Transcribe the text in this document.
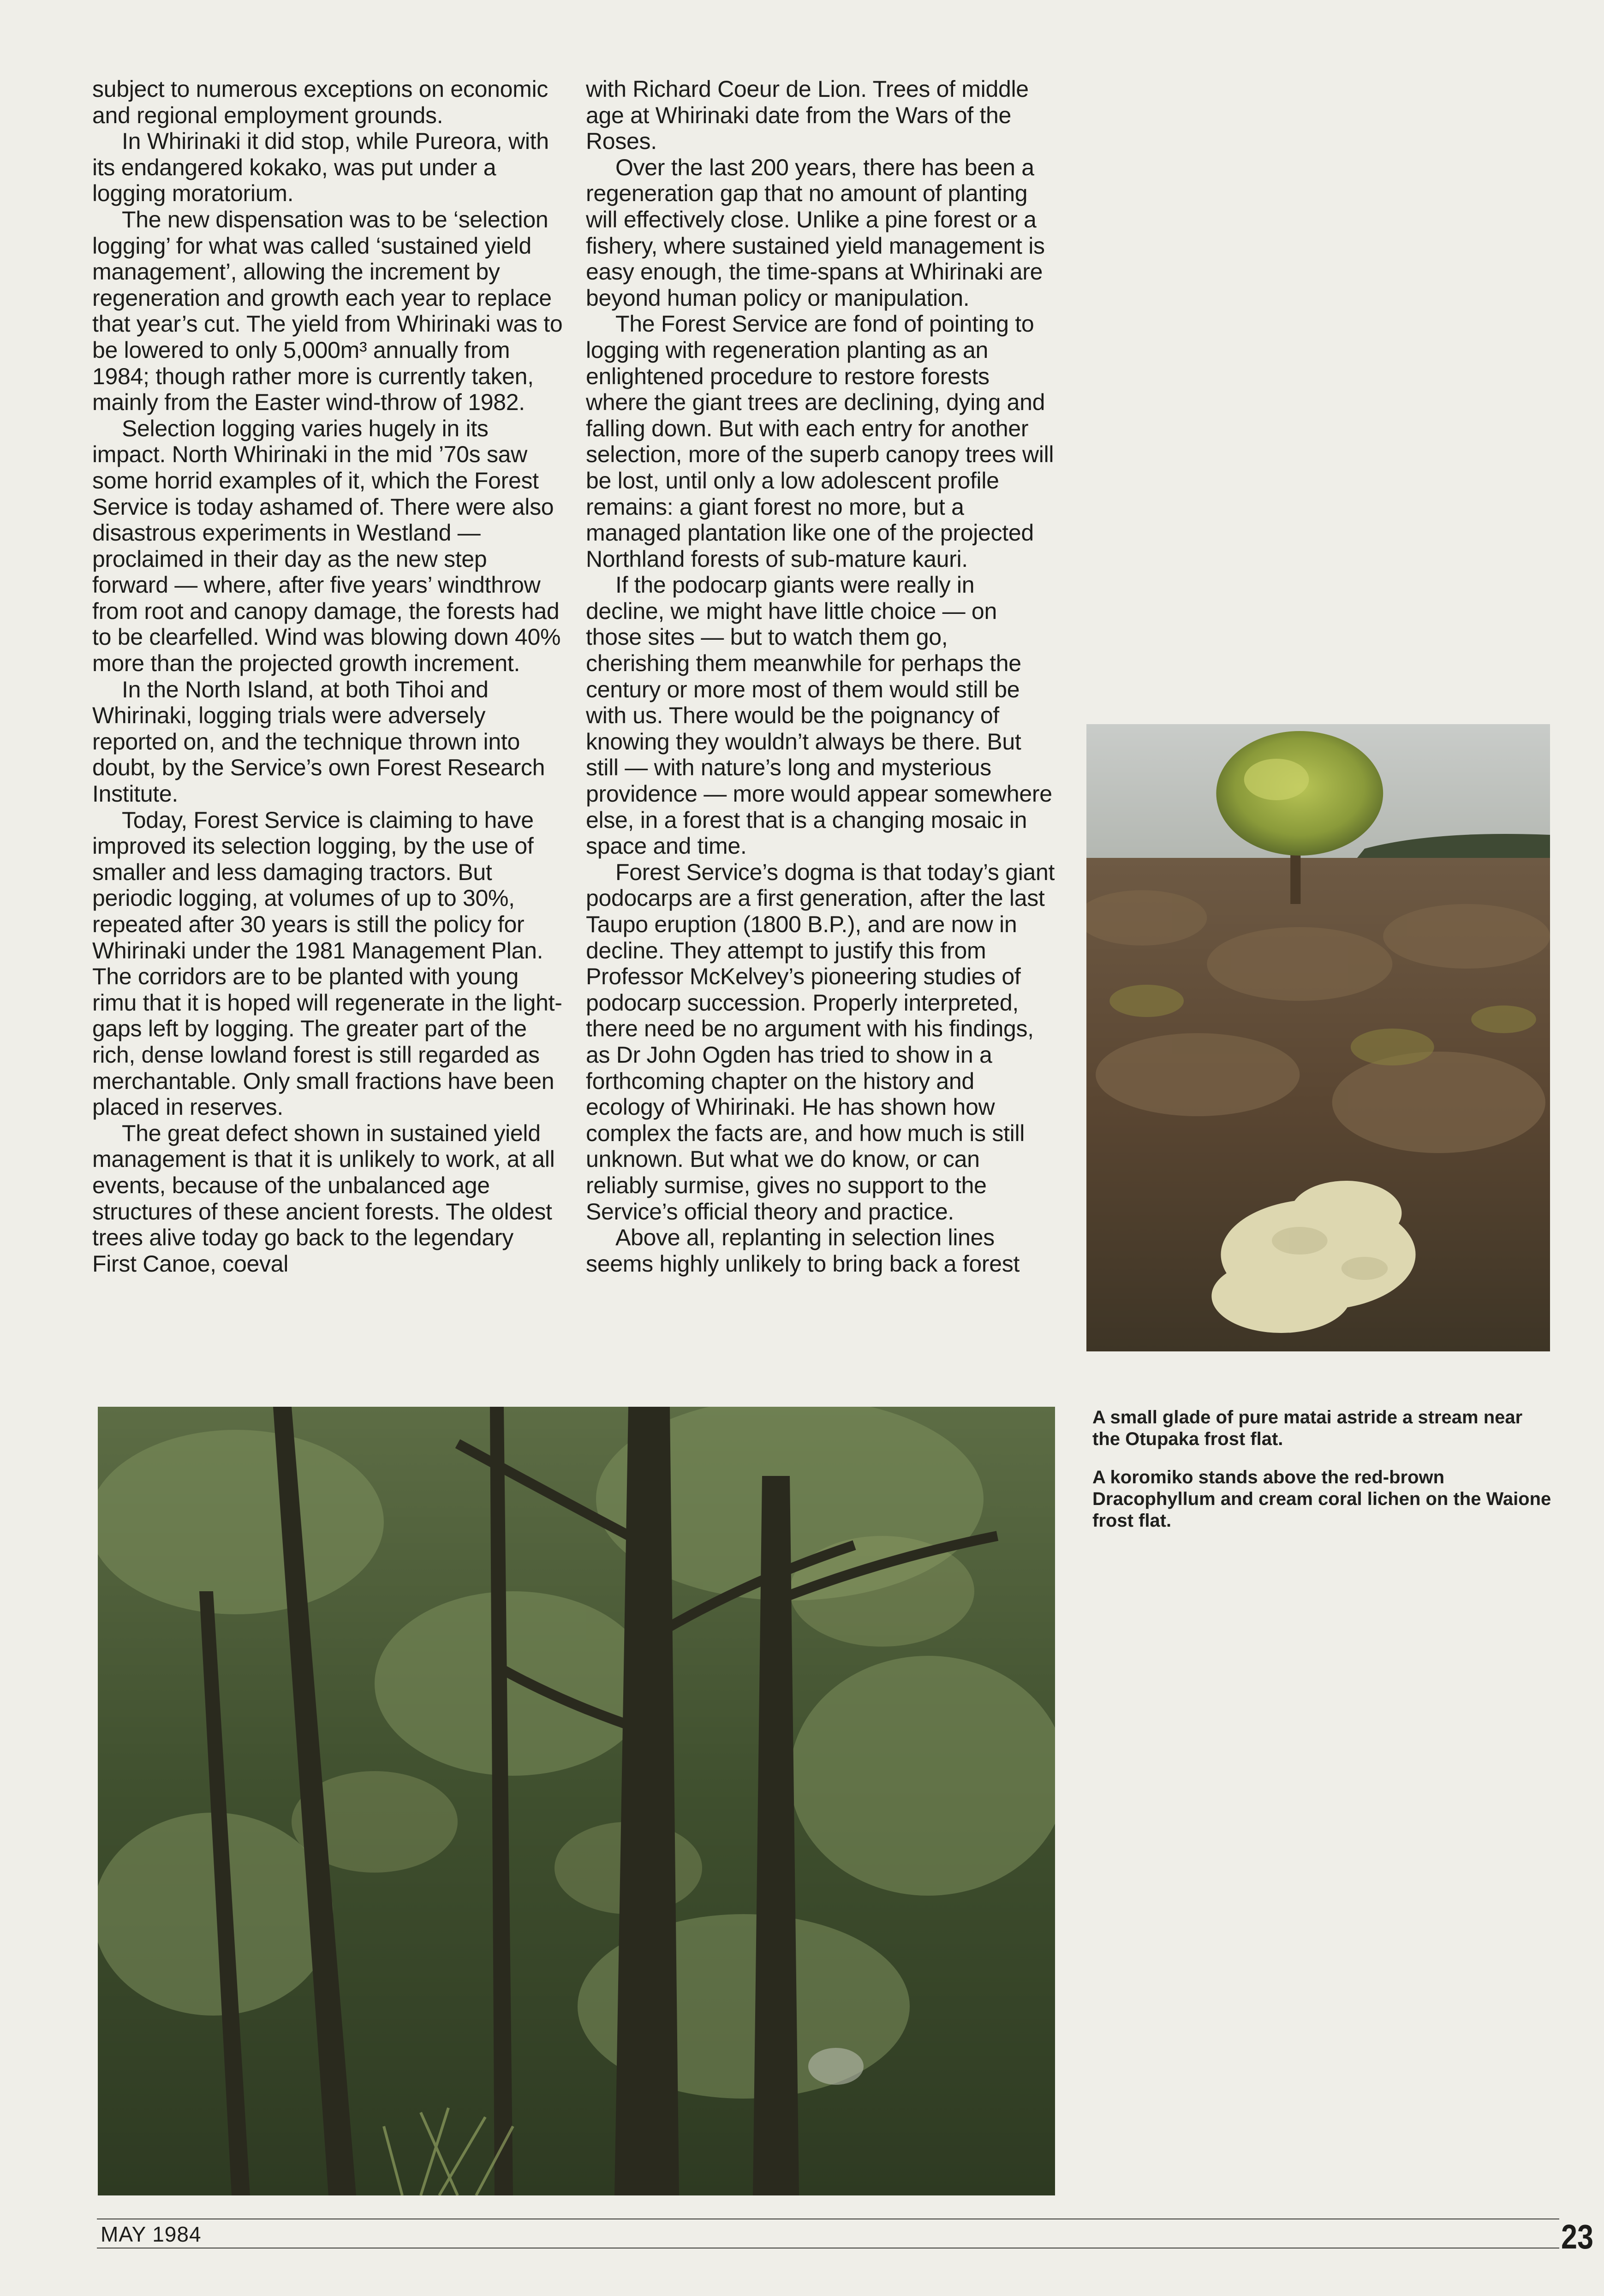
subject to numerous exceptions on economic and regional employment grounds.

In Whirinaki it did stop, while Pureora, with its endangered kokako, was put under a logging moratorium.

The new dispensation was to be ‘selection logging’ for what was called ‘sustained yield management’, allowing the increment by regeneration and growth each year to replace that year’s cut. The yield from Whirinaki was to be lowered to only 5,000m³ annually from 1984; though rather more is currently taken, mainly from the Easter wind-throw of 1982.

Selection logging varies hugely in its impact. North Whirinaki in the mid ’70s saw some horrid examples of it, which the Forest Service is today ashamed of. There were also disastrous experiments in Westland — proclaimed in their day as the new step forward — where, after five years’ windthrow from root and canopy damage, the forests had to be clearfelled. Wind was blowing down 40% more than the projected growth increment.

In the North Island, at both Tihoi and Whirinaki, logging trials were adversely reported on, and the technique thrown into doubt, by the Service’s own Forest Research Institute.

Today, Forest Service is claiming to have improved its selection logging, by the use of smaller and less damaging tractors. But periodic logging, at volumes of up to 30%, repeated after 30 years is still the policy for Whirinaki under the 1981 Management Plan. The corridors are to be planted with young rimu that it is hoped will regenerate in the light-gaps left by logging. The greater part of the rich, dense lowland forest is still regarded as merchantable. Only small fractions have been placed in reserves.

The great defect shown in sustained yield management is that it is unlikely to work, at all events, because of the unbalanced age structures of these ancient forests. The oldest trees alive today go back to the legendary First Canoe, coeval

with Richard Coeur de Lion. Trees of middle age at Whirinaki date from the Wars of the Roses.

Over the last 200 years, there has been a regeneration gap that no amount of planting will effectively close. Unlike a pine forest or a fishery, where sustained yield management is easy enough, the time-spans at Whirinaki are beyond human policy or manipulation.

The Forest Service are fond of pointing to logging with regeneration planting as an enlightened procedure to restore forests where the giant trees are declining, dying and falling down. But with each entry for another selection, more of the superb canopy trees will be lost, until only a low adolescent profile remains: a giant forest no more, but a managed plantation like one of the projected Northland forests of sub-mature kauri.

If the podocarp giants were really in decline, we might have little choice — on those sites — but to watch them go, cherishing them meanwhile for perhaps the century or more most of them would still be with us. There would be the poignancy of knowing they wouldn’t always be there. But still — with nature’s long and mysterious providence — more would appear somewhere else, in a forest that is a changing mosaic in space and time.

Forest Service’s dogma is that today’s giant podocarps are a first generation, after the last Taupo eruption (1800 B.P.), and are now in decline. They attempt to justify this from Professor McKelvey’s pioneering studies of podocarp succession. Properly interpreted, there need be no argument with his findings, as Dr John Ogden has tried to show in a forthcoming chapter on the history and ecology of Whirinaki. He has shown how complex the facts are, and how much is still unknown. But what we do know, or can reliably surmise, gives no support to the Service’s official theory and practice.

Above all, replanting in selection lines seems highly unlikely to bring back a forest

A small glade of pure matai astride a stream near the Otupaka frost flat.

A koromiko stands above the red-brown Dracophyllum and cream coral lichen on the Waione frost flat.

MAY 1984	23
